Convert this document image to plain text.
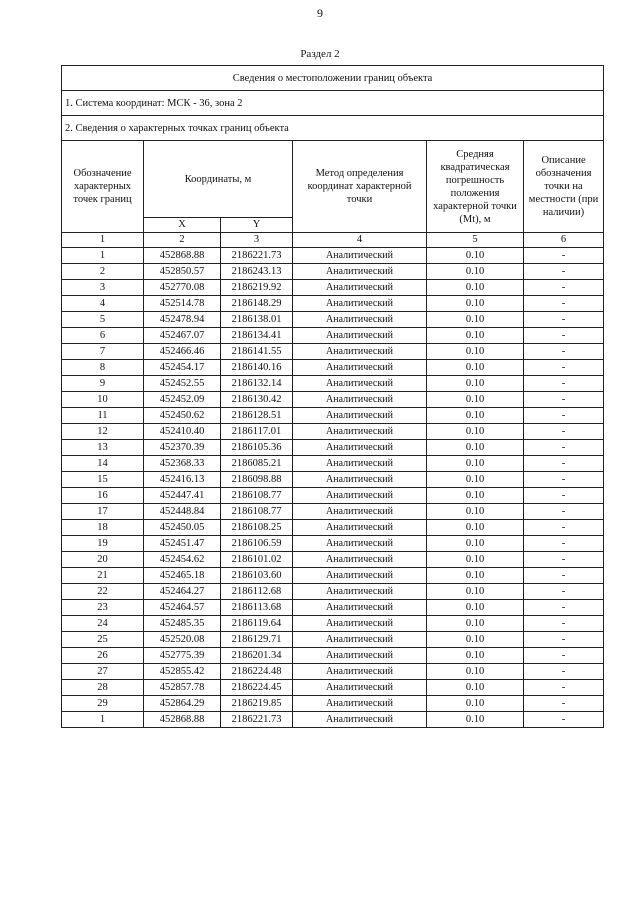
9
Раздел 2
Сведения о местоположении границ объекта					
1. Система координат: МСК - 36, зона 2					
2. Сведения о характерных точках границ объекта					
Обозначение характерных точек границ	Координаты, м		Метод определения координат характерной точки	Средняя квадратическая погрешность положения характерной точки (Mt), м	Описание обозначения точки на местности (при наличии)
	X	Y			
1	2	3	4	5	6
1	452868.88	2186221.73	Аналитический	0.10	-
2	452850.57	2186243.13	Аналитический	0.10	-
3	452770.08	2186219.92	Аналитический	0.10	-
4	452514.78	2186148.29	Аналитический	0.10	-
5	452478.94	2186138.01	Аналитический	0.10	-
6	452467.07	2186134.41	Аналитический	0.10	-
7	452466.46	2186141.55	Аналитический	0.10	-
8	452454.17	2186140.16	Аналитический	0.10	-
9	452452.55	2186132.14	Аналитический	0.10	-
10	452452.09	2186130.42	Аналитический	0.10	-
11	452450.62	2186128.51	Аналитический	0.10	-
12	452410.40	2186117.01	Аналитический	0.10	-
13	452370.39	2186105.36	Аналитический	0.10	-
14	452368.33	2186085.21	Аналитический	0.10	-
15	452416.13	2186098.88	Аналитический	0.10	-
16	452447.41	2186108.77	Аналитический	0.10	-
17	452448.84	2186108.77	Аналитический	0.10	-
18	452450.05	2186108.25	Аналитический	0.10	-
19	452451.47	2186106.59	Аналитический	0.10	-
20	452454.62	2186101.02	Аналитический	0.10	-
21	452465.18	2186103.60	Аналитический	0.10	-
22	452464.27	2186112.68	Аналитический	0.10	-
23	452464.57	2186113.68	Аналитический	0.10	-
24	452485.35	2186119.64	Аналитический	0.10	-
25	452520.08	2186129.71	Аналитический	0.10	-
26	452775.39	2186201.34	Аналитический	0.10	-
27	452855.42	2186224.48	Аналитический	0.10	-
28	452857.78	2186224.45	Аналитический	0.10	-
29	452864.29	2186219.85	Аналитический	0.10	-
1	452868.88	2186221.73	Аналитический	0.10	-
